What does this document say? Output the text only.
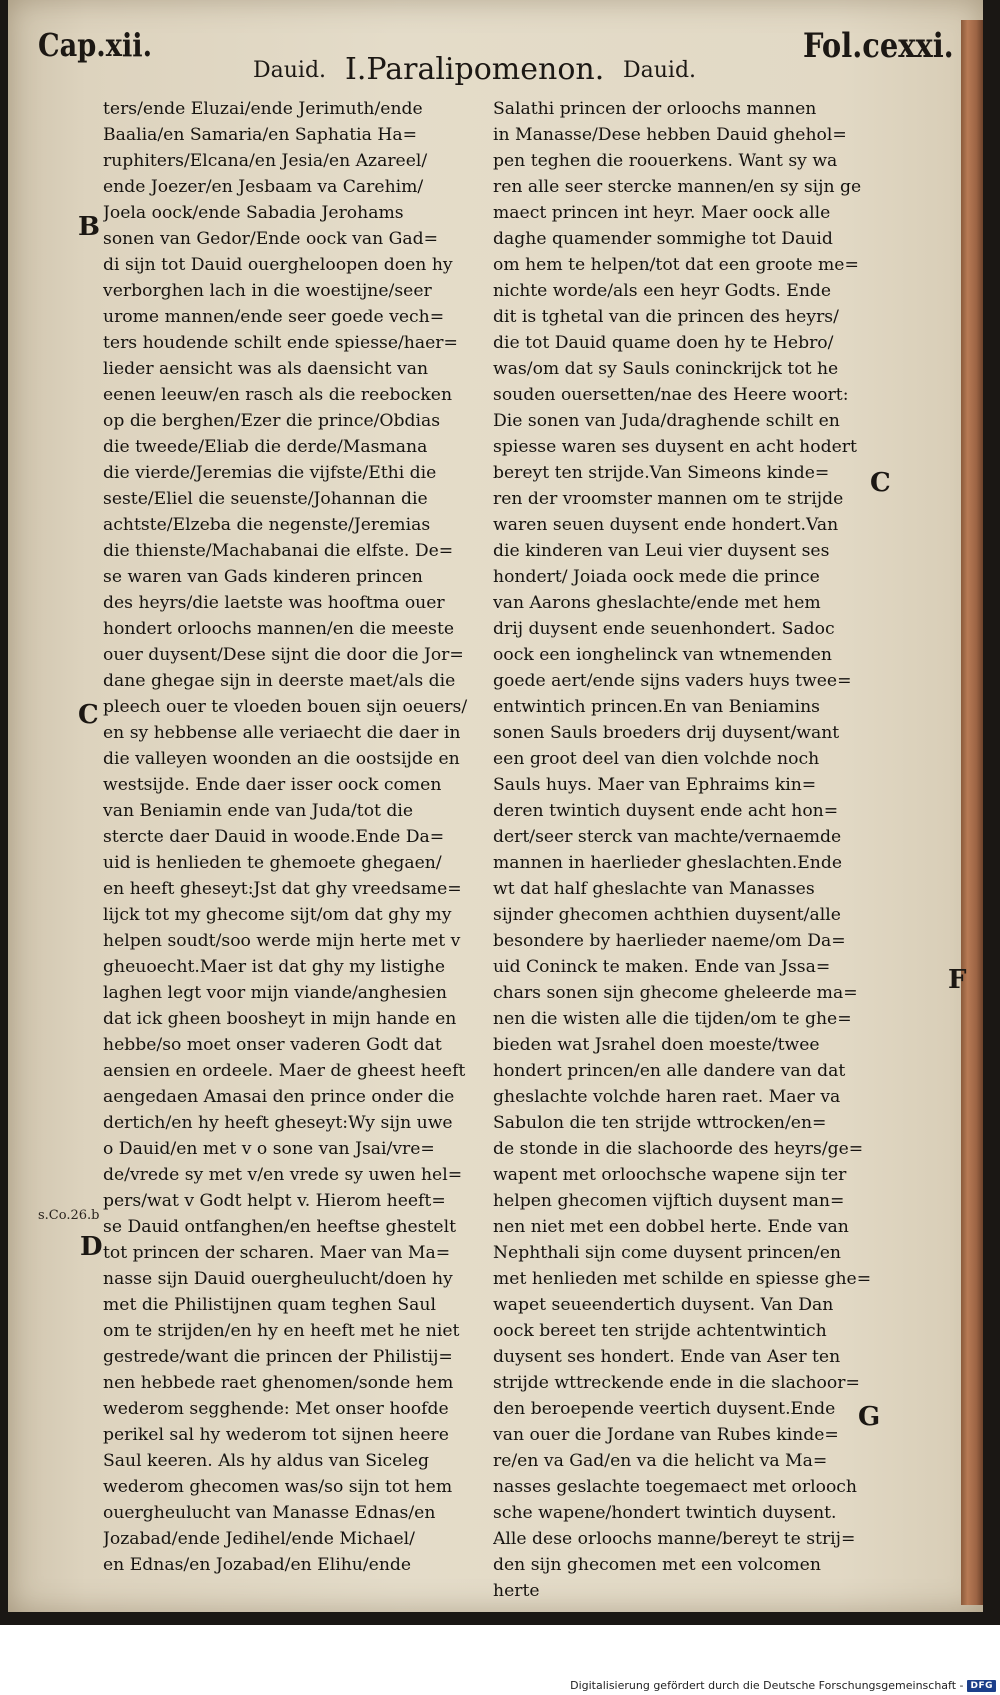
Cap.xii.
Dauid. I.Paralipomenon. Dauid.
Fol.cexxi.
B
C
C
F
D
G
s.Co.26.b
ters/ende Eluzai/ende Jerimuth/ende
Baalia/en Samaria/en Saphatia Ha=
ruphiters/Elcana/en Jesia/en Azareel/
ende Joezer/en Jesbaam va Carehim/
Joela oock/ende Sabadia Jerohams
sonen van Gedor/Ende oock van Gad=
di sijn tot Dauid ouergheloopen doen hy
verborghen lach in die woestijne/seer
urome mannen/ende seer goede vech=
ters houdende schilt ende spiesse/haer=
lieder aensicht was als daensicht van
eenen leeuw/en rasch als die reebocken
op die berghen/Ezer die prince/Obdias
die tweede/Eliab die derde/Masmana
die vierde/Jeremias die vijfste/Ethi die
seste/Eliel die seuenste/Johannan die
achtste/Elzeba die negenste/Jeremias
die thienste/Machabanai die elfste. De=
se waren van Gads kinderen princen
des heyrs/die laetste was hooftma ouer
hondert orloochs mannen/en die meeste
ouer duysent/Dese sijnt die door die Jor=
dane ghegae sijn in deerste maet/als die
pleech ouer te vloeden bouen sijn oeuers/
en sy hebbense alle veriaecht die daer in
die valleyen woonden an die oostsijde en
westsijde. Ende daer isser oock comen
van Beniamin ende van Juda/tot die
stercte daer Dauid in woode.Ende Da=
uid is henlieden te ghemoete ghegaen/
en heeft gheseyt:Jst dat ghy vreedsame=
lijck tot my ghecome sijt/om dat ghy my
helpen soudt/soo werde mijn herte met v
gheuoecht.Maer ist dat ghy my listighe
laghen legt voor mijn viande/anghesien
dat ick gheen boosheyt in mijn hande en
hebbe/so moet onser vaderen Godt dat
aensien en ordeele. Maer de gheest heeft
aengedaen Amasai den prince onder die
dertich/en hy heeft gheseyt:Wy sijn uwe
o Dauid/en met v o sone van Jsai/vre=
de/vrede sy met v/en vrede sy uwen hel=
pers/wat v Godt helpt v. Hierom heeft=
se Dauid ontfanghen/en heeftse ghestelt
tot princen der scharen. Maer van Ma=
nasse sijn Dauid ouergheulucht/doen hy
met die Philistijnen quam teghen Saul
om te strijden/en hy en heeft met he niet
gestrede/want die princen der Philistij=
nen hebbede raet ghenomen/sonde hem
wederom segghende: Met onser hoofde
perikel sal hy wederom tot sijnen heere
Saul keeren. Als hy aldus van Siceleg
wederom ghecomen was/so sijn tot hem
ouergheulucht van Manasse Ednas/en
Jozabad/ende Jedihel/ende Michael/
en Ednas/en Jozabad/en Elihu/ende
Salathi princen der orloochs mannen
in Manasse/Dese hebben Dauid ghehol=
pen teghen die roouerkens. Want sy wa
ren alle seer stercke mannen/en sy sijn ge
maect princen int heyr. Maer oock alle
daghe quamender sommighe tot Dauid
om hem te helpen/tot dat een groote me=
nichte worde/als een heyr Godts. Ende
dit is tghetal van die princen des heyrs/
die tot Dauid quame doen hy te Hebro/
was/om dat sy Sauls coninckrijck tot he
souden ouersetten/nae des Heere woort:
Die sonen van Juda/draghende schilt en
spiesse waren ses duysent en acht hodert
bereyt ten strijde.Van Simeons kinde=
ren der vroomster mannen om te strijde
waren seuen duysent ende hondert.Van
die kinderen van Leui vier duysent ses
hondert/ Joiada oock mede die prince
van Aarons gheslachte/ende met hem
drij duysent ende seuenhondert. Sadoc
oock een ionghelinck van wtnemenden
goede aert/ende sijns vaders huys twee=
entwintich princen.En van Beniamins
sonen Sauls broeders drij duysent/want
een groot deel van dien volchde noch
Sauls huys. Maer van Ephraims kin=
deren twintich duysent ende acht hon=
dert/seer sterck van machte/vernaemde
mannen in haerlieder gheslachten.Ende
wt dat half gheslachte van Manasses
sijnder ghecomen achthien duysent/alle
besondere by haerlieder naeme/om Da=
uid Coninck te maken. Ende van Jssa=
chars sonen sijn ghecome gheleerde ma=
nen die wisten alle die tijden/om te ghe=
bieden wat Jsrahel doen moeste/twee
hondert princen/en alle dandere van dat
gheslachte volchde haren raet. Maer va
Sabulon die ten strijde wttrocken/en=
de stonde in die slachoorde des heyrs/ge=
wapent met orloochsche wapene sijn ter
helpen ghecomen vijftich duysent man=
nen niet met een dobbel herte. Ende van
Nephthali sijn come duysent princen/en
met henlieden met schilde en spiesse ghe=
wapet seueendertich duysent. Van Dan
oock bereet ten strijde achtentwintich
duysent ses hondert. Ende van Aser ten
strijde wttreckende ende in die slachoor=
den beroepende veertich duysent.Ende
van ouer die Jordane van Rubes kinde=
re/en va Gad/en va die helicht va Ma=
nasses geslachte toegemaect met orlooch
sche wapene/hondert twintich duysent.
Alle dese orloochs manne/bereyt te strij=
den sijn ghecomen met een volcomen
herte
Digitalisierung gefördert durch die Deutsche Forschungsgemeinschaft - DFG
